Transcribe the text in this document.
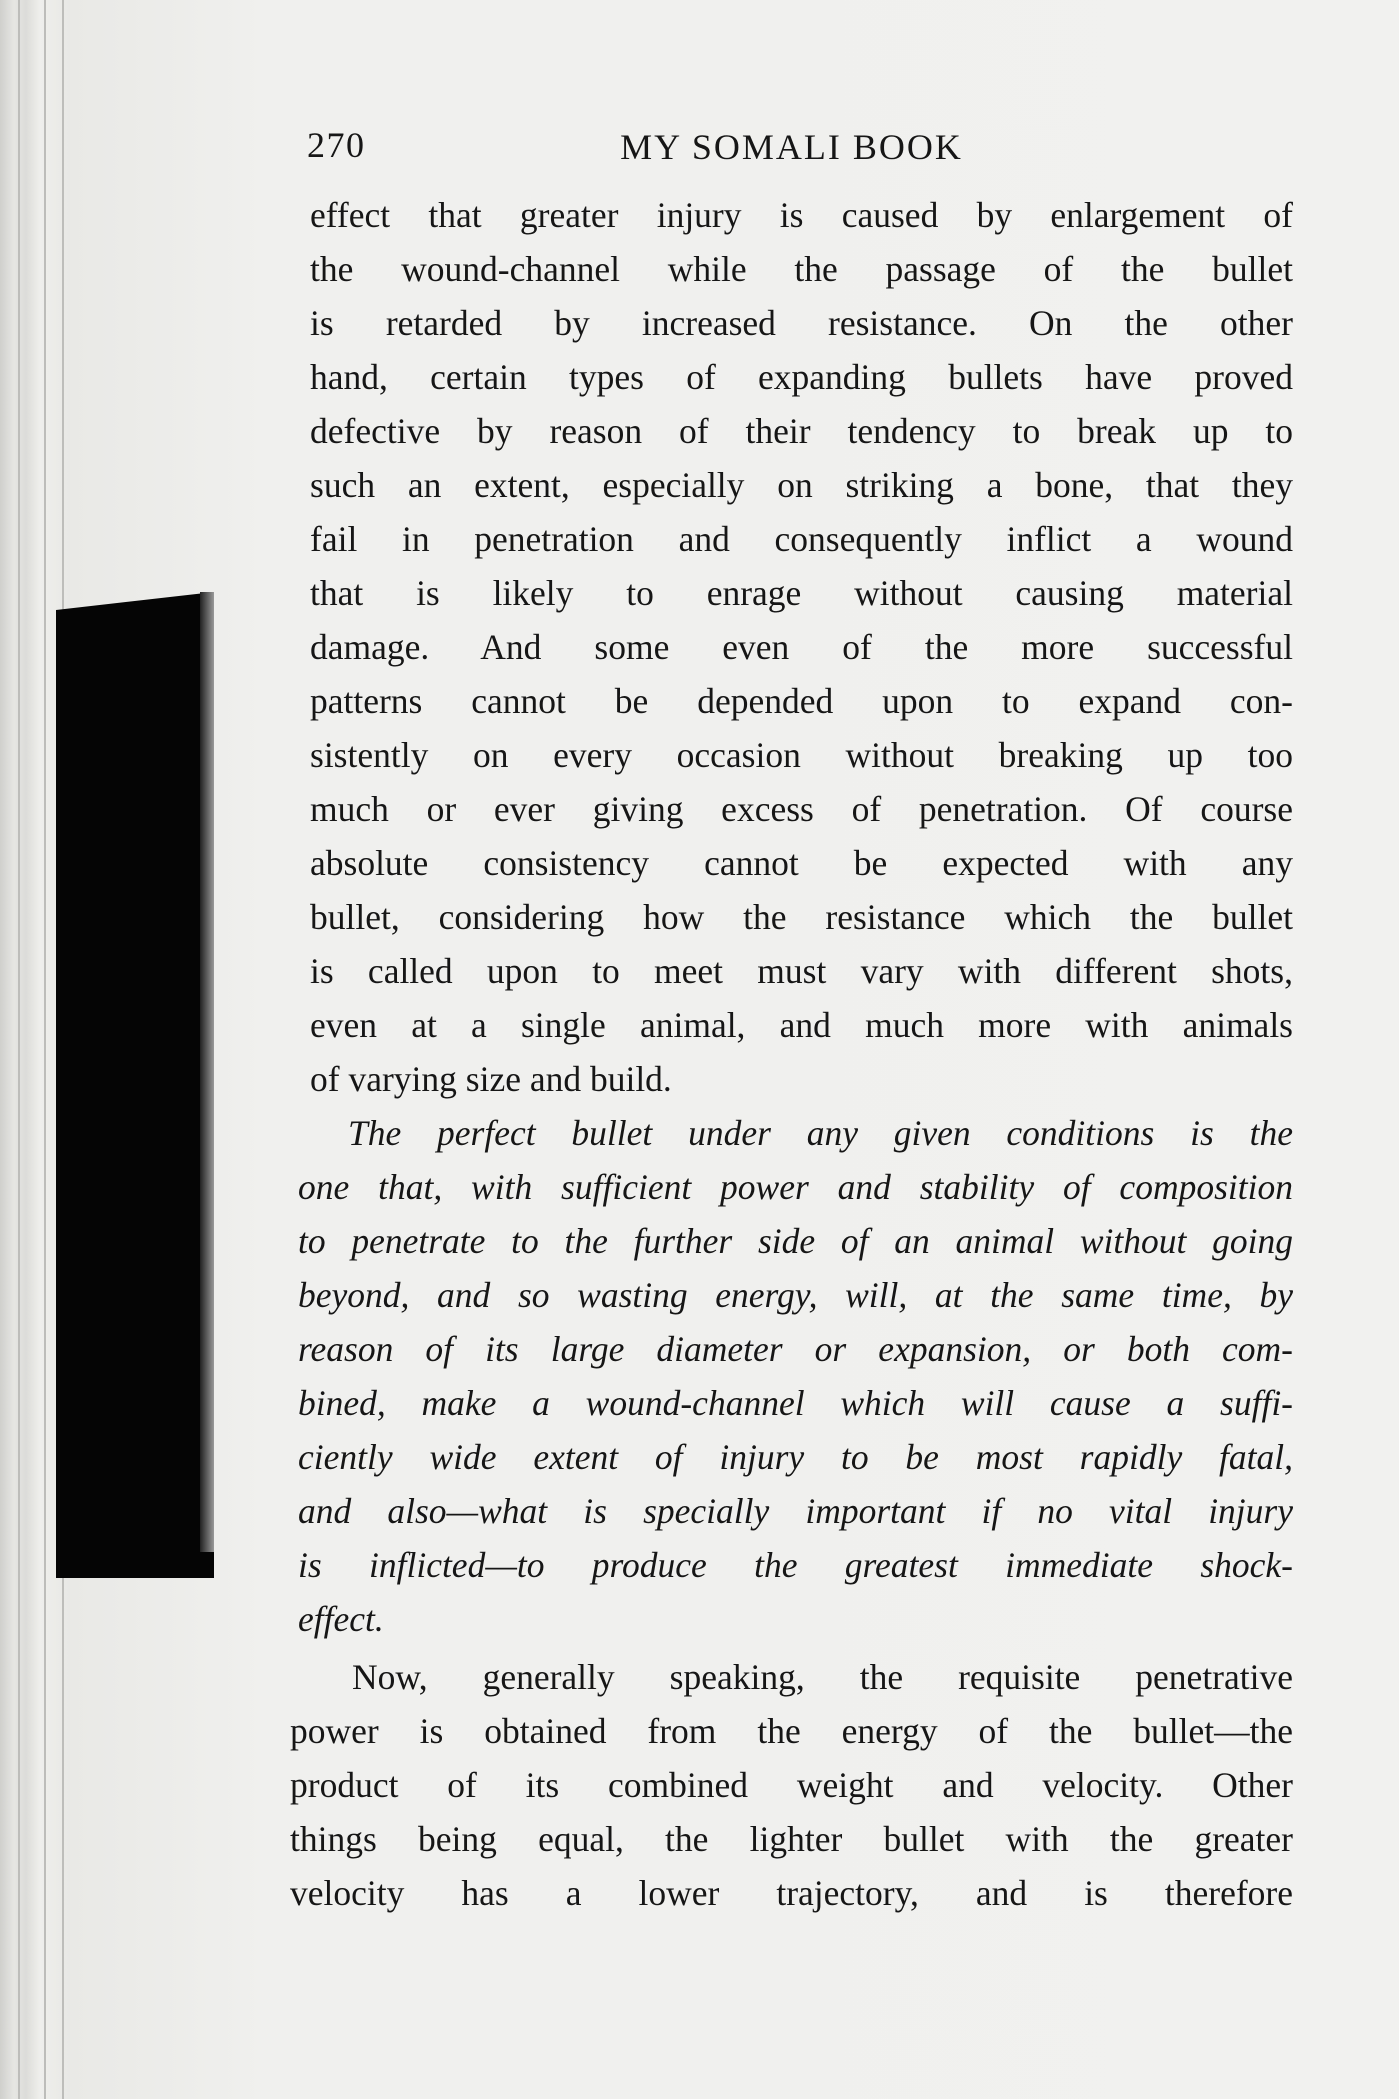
270	MY SOMALI BOOK
effect that greater injury is caused by enlargement of
the wound-channel while the passage of the bullet
is retarded by increased resistance. On the other
hand, certain types of expanding bullets have proved
defective by reason of their tendency to break up to
such an extent, especially on striking a bone, that they
fail in penetration and consequently inflict a wound
that is likely to enrage without causing material
damage. And some even of the more successful
patterns cannot be depended upon to expand con-
sistently on every occasion without breaking up too
much or ever giving excess of penetration. Of course
absolute consistency cannot be expected with any
bullet, considering how the resistance which the bullet
is called upon to meet must vary with different shots,
even at a single animal, and much more with animals
of varying size and build.
The perfect bullet under any given conditions is the
one that, with sufficient power and stability of composition
to penetrate to the further side of an animal without going
beyond, and so wasting energy, will, at the same time, by
reason of its large diameter or expansion, or both com-
bined, make a wound-channel which will cause a suffi-
ciently wide extent of injury to be most rapidly fatal,
and also—what is specially important if no vital injury
is inflicted—to produce the greatest immediate shock-
effect.
Now, generally speaking, the requisite penetrative
power is obtained from the energy of the bullet—the
product of its combined weight and velocity. Other
things being equal, the lighter bullet with the greater
velocity has a lower trajectory, and is therefore
